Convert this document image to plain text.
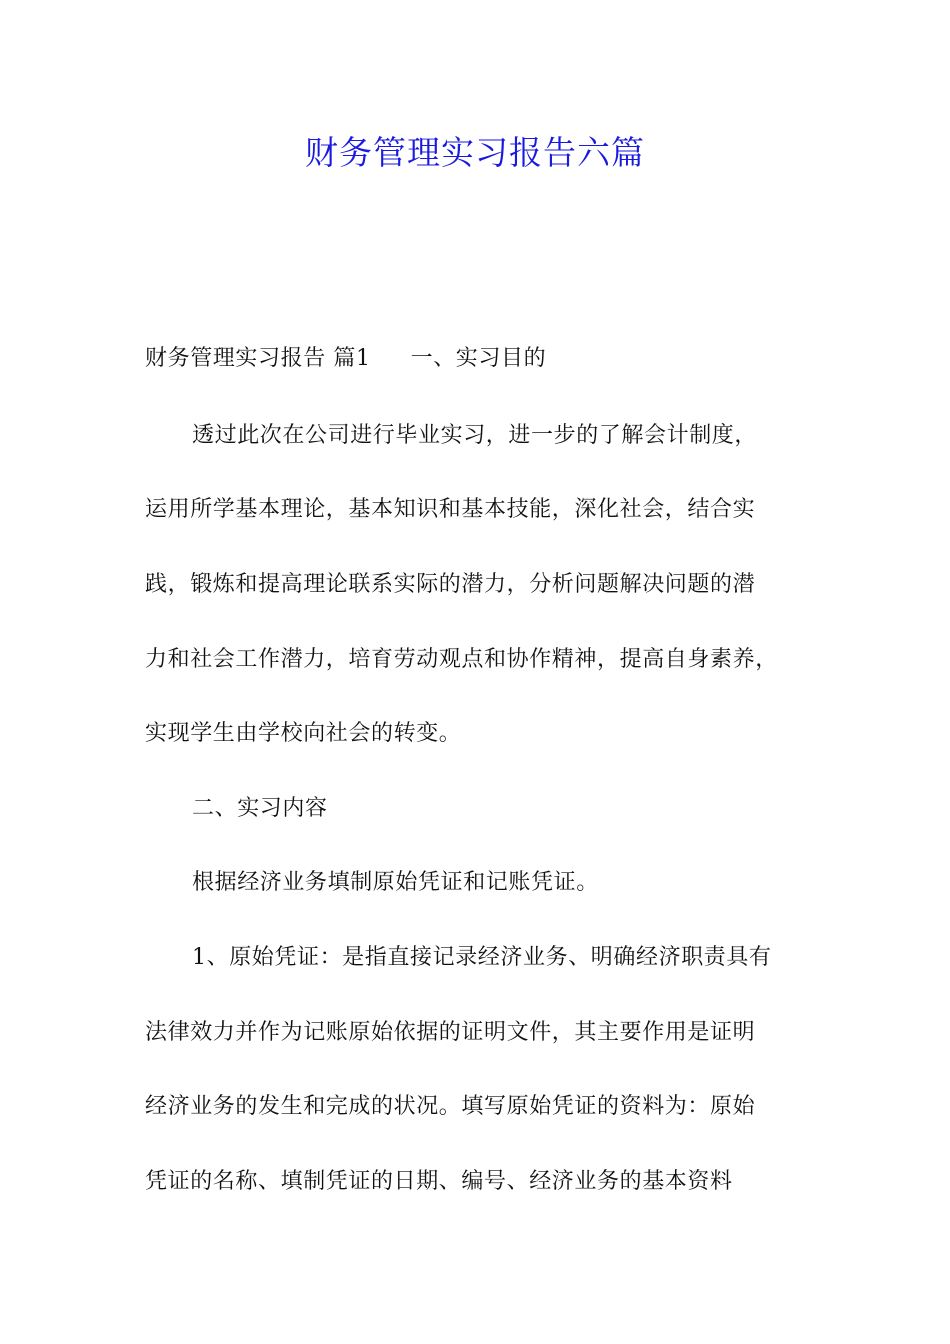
财务管理实习报告六篇
财务管理实习报告 篇1 一、实习目的
透过此次在公司进行毕业实习，进一步的了解会计制度，
运用所学基本理论，基本知识和基本技能，深化社会，结合实
践，锻炼和提高理论联系实际的潜力，分析问题解决问题的潜
力和社会工作潜力，培育劳动观点和协作精神，提高自身素养，
实现学生由学校向社会的转变。
二、实习内容
根据经济业务填制原始凭证和记账凭证。
1、原始凭证：是指直接记录经济业务、明确经济职责具有
法律效力并作为记账原始依据的证明文件，其主要作用是证明
经济业务的发生和完成的状况。填写原始凭证的资料为：原始
凭证的名称、填制凭证的日期、编号、经济业务的基本资料
